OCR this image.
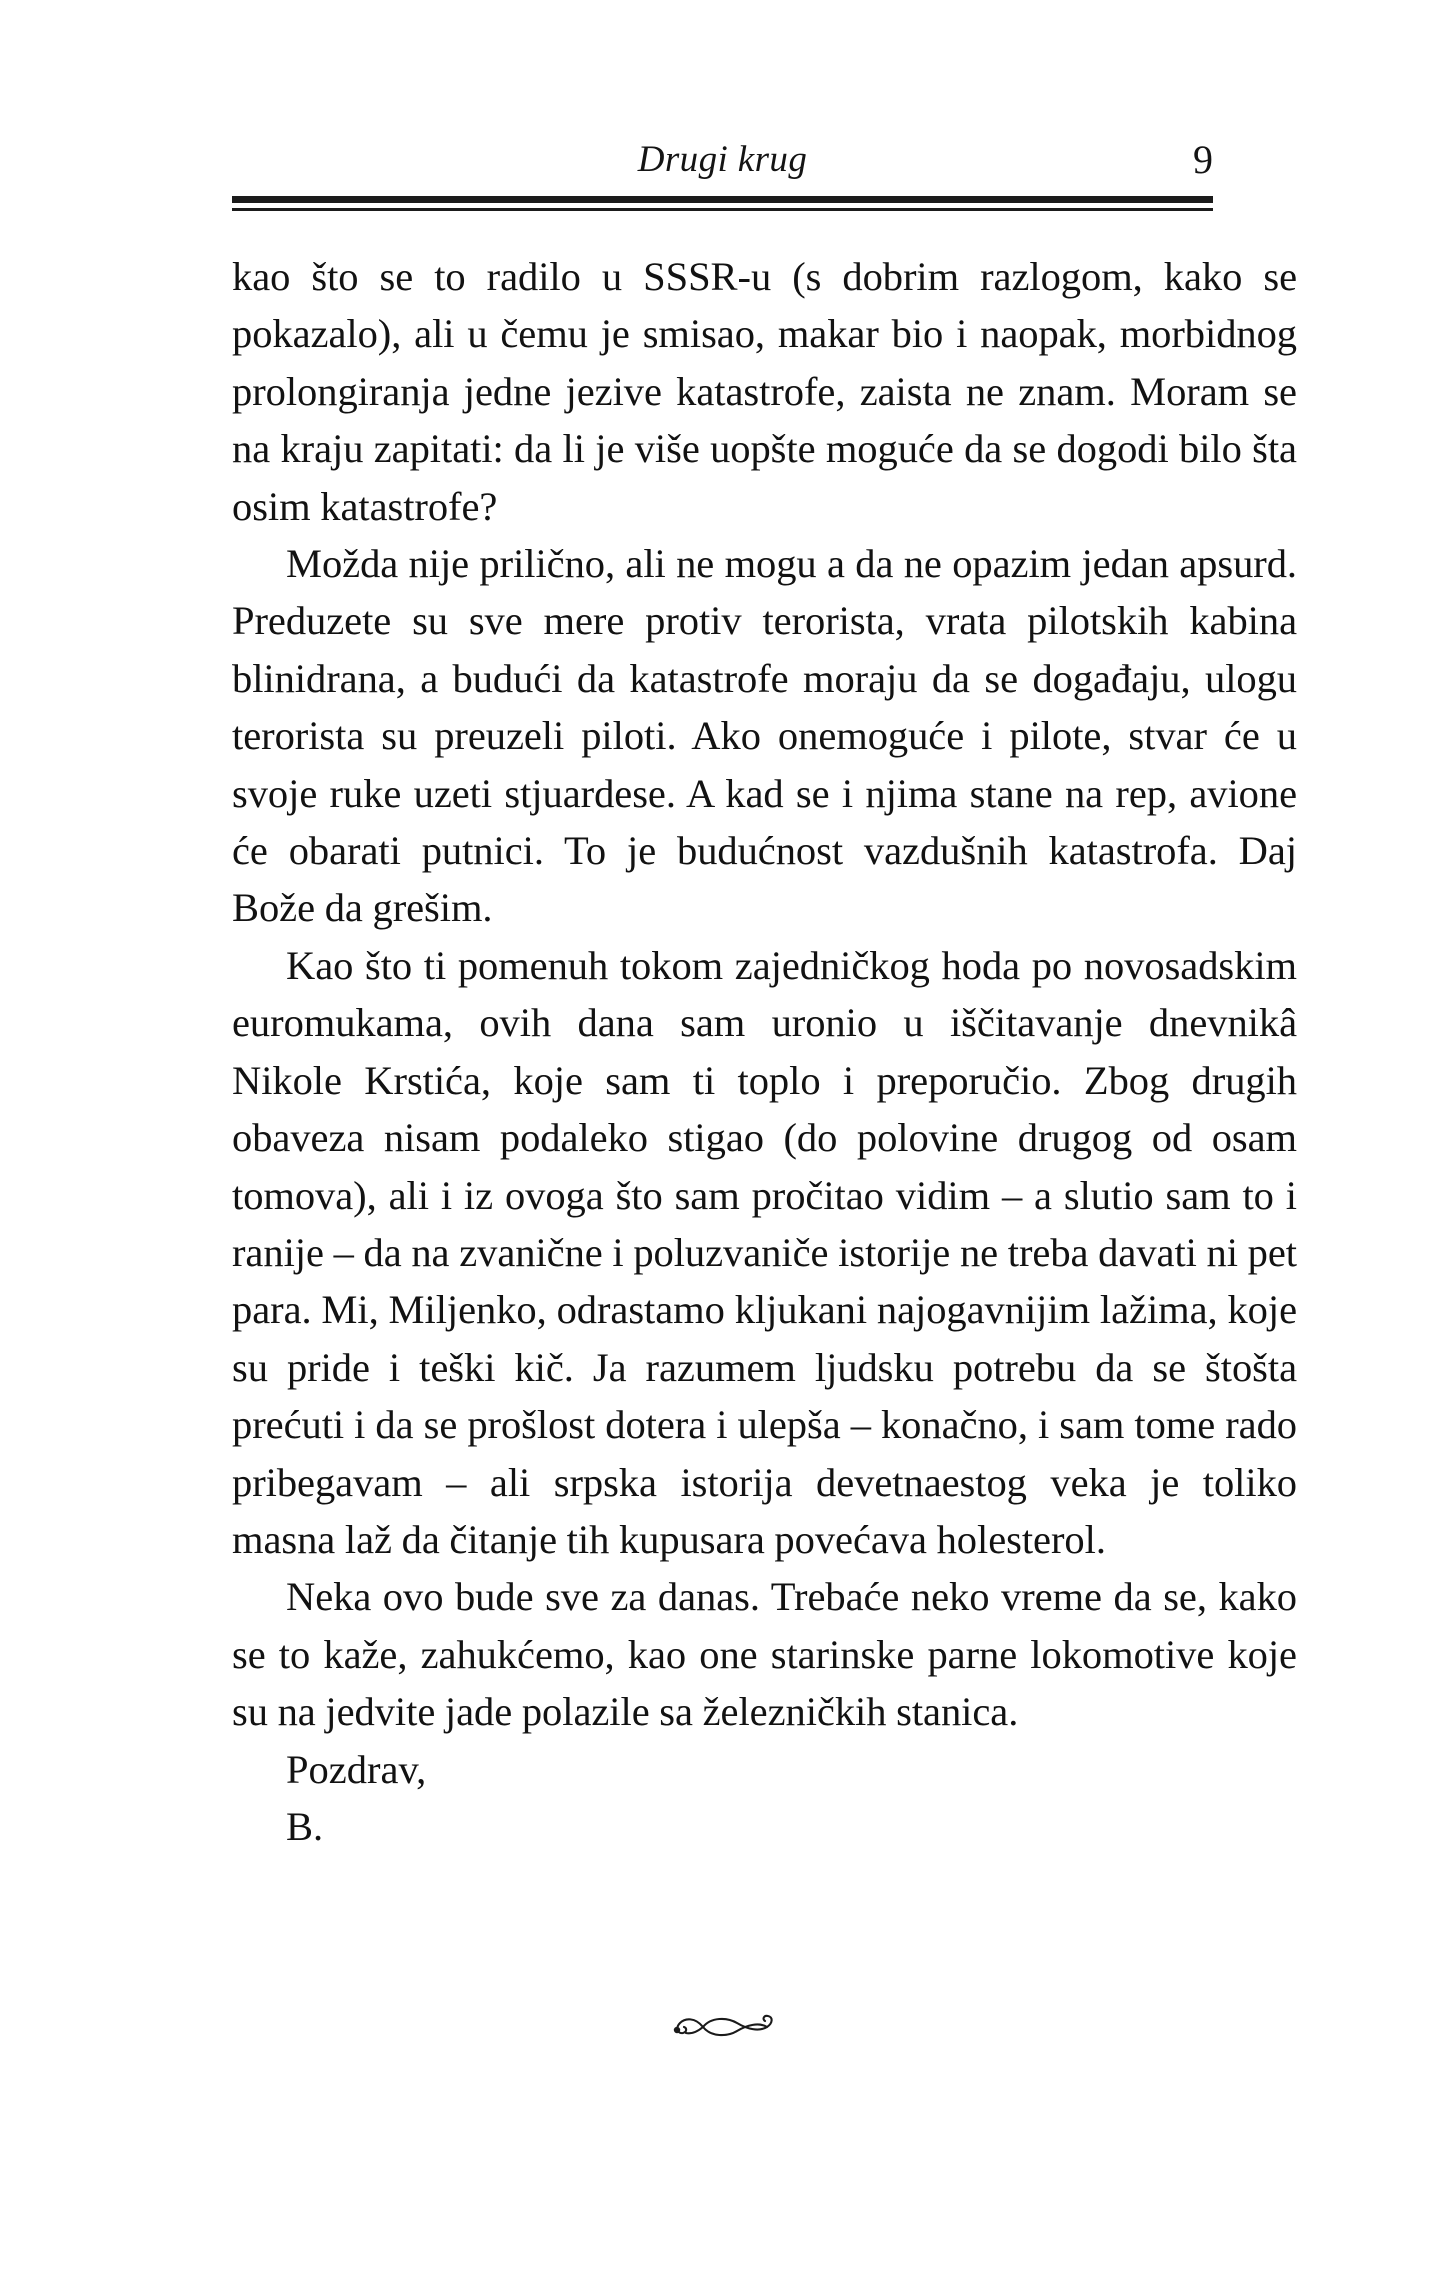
Drugi krug	9

kao što se to radilo u SSSR-u (s dobrim razlogom, kako se pokazalo), ali u čemu je smisao, makar bio i naopak, morbidnog prolongiranja jedne jezive katastrofe, zaista ne znam. Moram se na kraju zapitati: da li je više uopšte moguće da se dogodi bilo šta osim katastrofe?

Možda nije prilično, ali ne mogu a da ne opazim jedan apsurd. Preduzete su sve mere protiv terorista, vrata pilotskih kabina blinidrana, a budući da katastrofe moraju da se događaju, ulogu terorista su preuzeli piloti. Ako onemoguće i pilote, stvar će u svoje ruke uzeti stjuardese. A kad se i njima stane na rep, avione će obarati putnici. To je budućnost vazdušnih katastrofa. Daj Bože da grešim.

Kao što ti pomenuh tokom zajedničkog hoda po novosadskim euromukama, ovih dana sam uronio u iščitavanje dnevnikâ Nikole Krstića, koje sam ti toplo i preporučio. Zbog drugih obaveza nisam podaleko stigao (do polovine drugog od osam tomova), ali i iz ovoga što sam pročitao vidim – a slutio sam to i ranije – da na zvanične i poluzvaniče istorije ne treba davati ni pet para. Mi, Miljenko, odrastamo kljukani najogavnijim lažima, koje su pride i teški kič. Ja razumem ljudsku potrebu da se štošta prećuti i da se prošlost dotera i ulepša – konačno, i sam tome rado pribegavam – ali srpska istorija devetnaestog veka je toliko masna laž da čitanje tih kupusara povećava holesterol.

Neka ovo bude sve za danas. Trebaće neko vreme da se, kako se to kaže, zahukćemo, kao one starinske parne lokomotive koje su na jedvite jade polazile sa železničkih stanica.

Pozdrav,

B.
